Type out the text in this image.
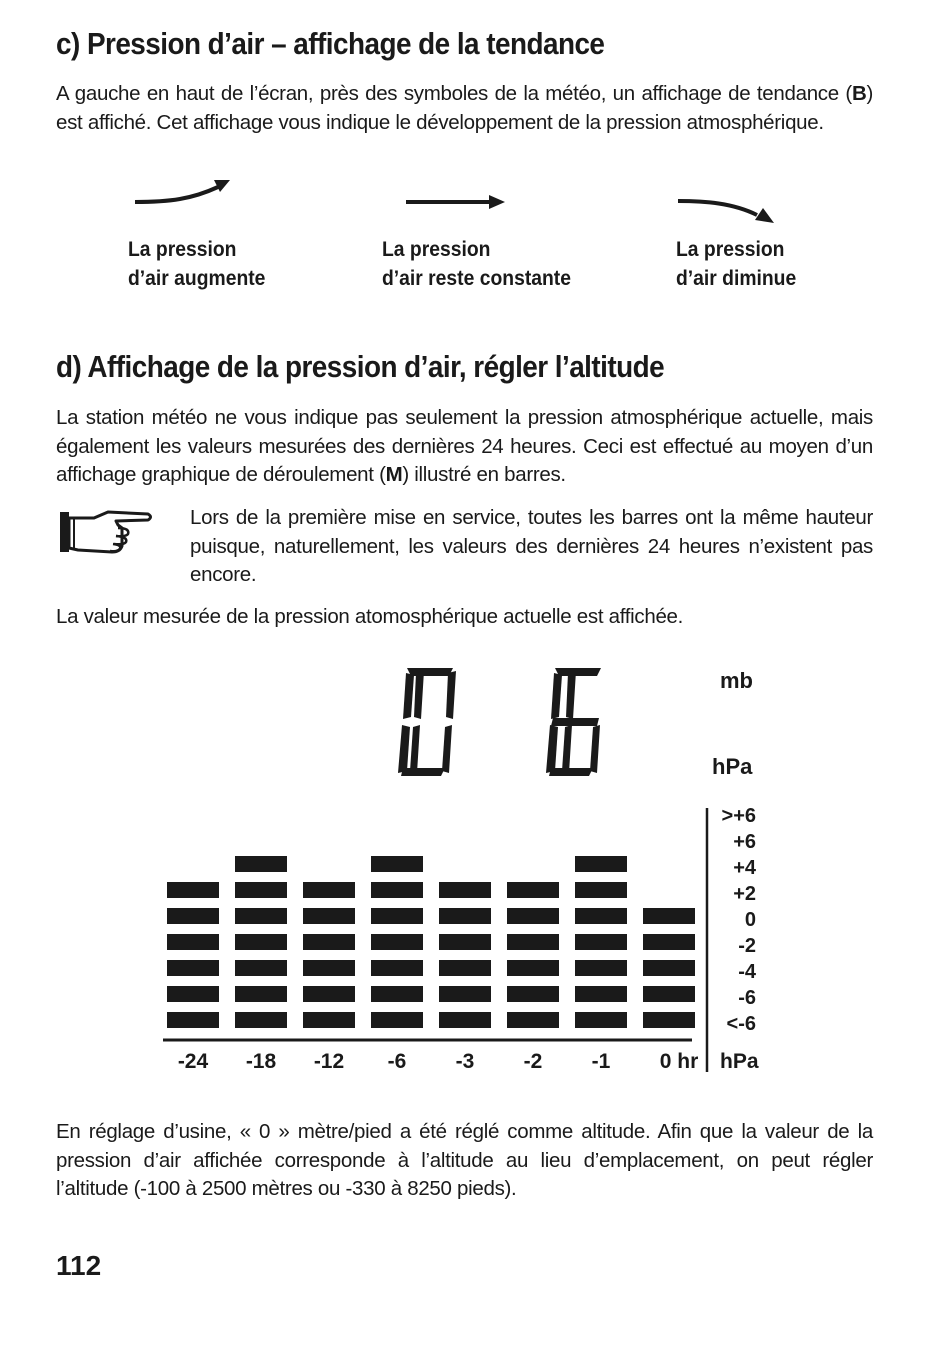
c) Pression d’air – affichage de la tendance

A gauche en haut de l’écran, près des symboles de la météo, un affichage de tendance (B) est affiché. Cet affichage vous indique le développement de la pression atmosphérique.

La pression
d’air augmente
La pression
d’air reste constante
La pression
d’air diminue
d) Affichage de la pression d’air, régler l’altitude

La station météo ne vous indique pas seulement la pression atmosphérique actuelle, mais également les valeurs mesurées des dernières 24 heures. Ceci est effectué au moyen d’un affichage graphique de déroulement (M) illustré en barres.

Lors de la première mise en service, toutes les barres ont la même hauteur puisque, naturellement, les valeurs des dernières 24 heures n’existent pas encore.

La valeur mesurée de la pression atomosphérique actuelle est affichée.

mb
hPa
>+6
+6
+4
+2
0
-2
-4
-6
<-6
-24 -18 -12 -6 -3 -2 -1 0 hr hPa

En réglage d’usine, « 0 » mètre/pied a été réglé comme altitude. Afin que la valeur de la pression d’air affichée corresponde à l’altitude au lieu d’emplacement, on peut régler l’altitude (-100 à 2500 mètres ou -330 à 8250 pieds).

112
